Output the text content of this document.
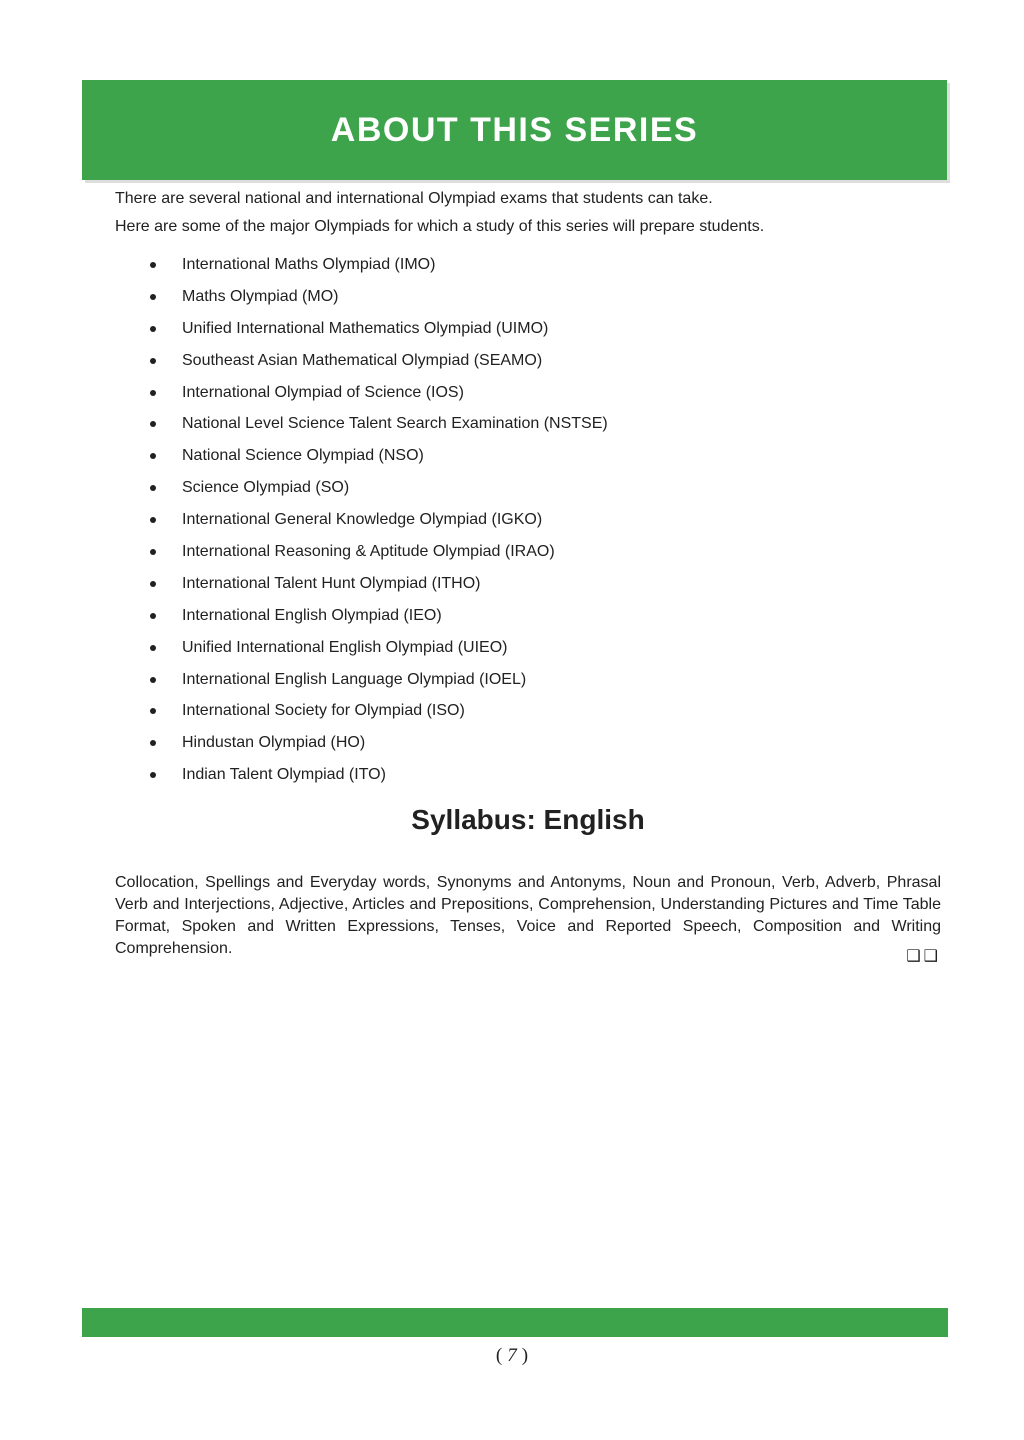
ABOUT THIS SERIES
There are several national and international Olympiad exams that students can take.
Here are some of the major Olympiads for which a study of this series will prepare students.
International Maths Olympiad (IMO)
Maths Olympiad (MO)
Unified International Mathematics Olympiad (UIMO)
Southeast Asian Mathematical Olympiad (SEAMO)
International Olympiad of Science (IOS)
National Level Science Talent Search Examination (NSTSE)
National Science Olympiad (NSO)
Science Olympiad (SO)
International General Knowledge Olympiad (IGKO)
International Reasoning & Aptitude Olympiad (IRAO)
International Talent Hunt Olympiad (ITHO)
International English Olympiad (IEO)
Unified International English Olympiad (UIEO)
International English Language Olympiad (IOEL)
International Society for Olympiad (ISO)
Hindustan Olympiad (HO)
Indian Talent Olympiad (ITO)
Syllabus: English

Collocation, Spellings and Everyday words, Synonyms and Antonyms, Noun and Pronoun, Verb, Adverb, Phrasal Verb and Interjections, Adjective, Articles and Prepositions, Comprehension, Understanding Pictures and Time Table Format, Spoken and Written Expressions, Tenses, Voice and Reported Speech, Composition and Writing Comprehension.	❑❑
( 7 )
